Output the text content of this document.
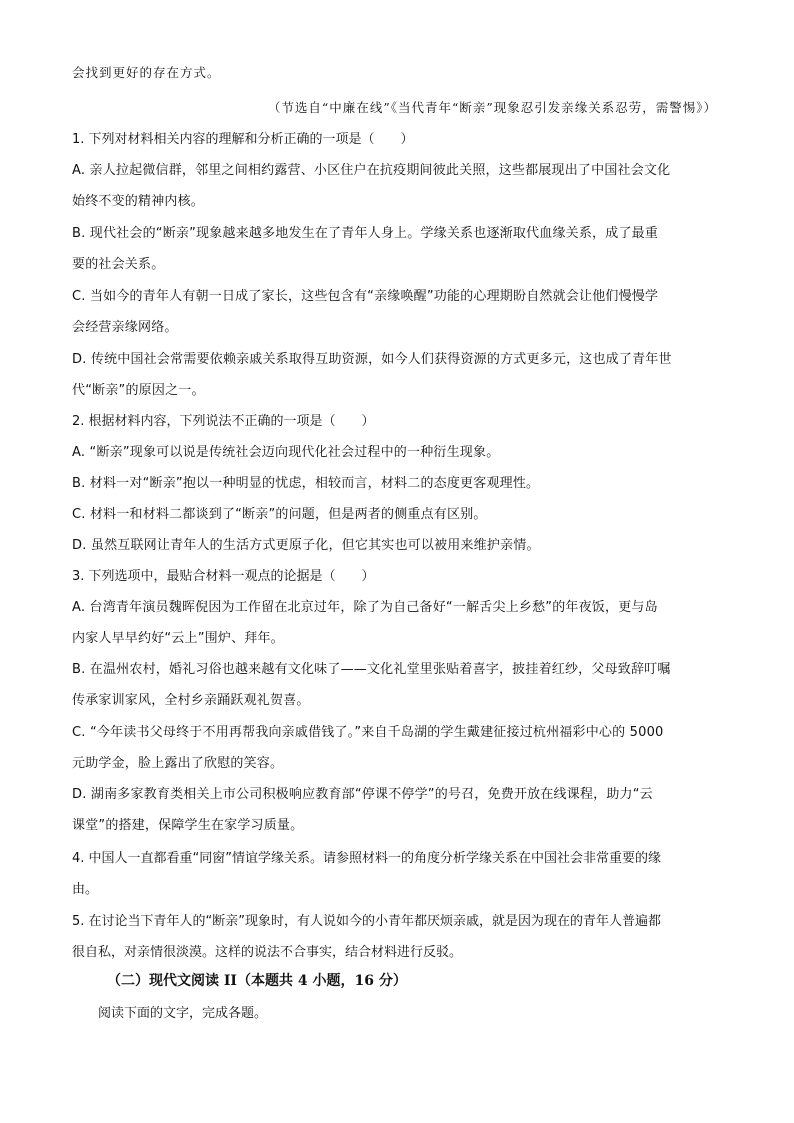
会找到更好的存在方式。
（节选自“中廉在线”《当代青年“断亲”现象忍引发亲缘关系忍劳，需警惕》）
1. 下列对材料相关内容的理解和分析正确的一项是（　　）
A. 亲人拉起微信群，邻里之间相约露营、小区住户在抗疫期间彼此关照，这些都展现出了中国社会文化
始终不变的精神内核。
B. 现代社会的“断亲”现象越来越多地发生在了青年人身上。学缘关系也逐渐取代血缘关系，成了最重
要的社会关系。
C. 当如今的青年人有朝一日成了家长，这些包含有“亲缘唤醒”功能的心理期盼自然就会让他们慢慢学
会经营亲缘网络。
D. 传统中国社会常需要依赖亲戚关系取得互助资源，如今人们获得资源的方式更多元，这也成了青年世
代“断亲”的原因之一。
2. 根据材料内容，下列说法不正确的一项是（　　）
A. “断亲”现象可以说是传统社会迈向现代化社会过程中的一种衍生现象。
B. 材料一对“断亲”抱以一种明显的忧虑，相较而言，材料二的态度更客观理性。
C. 材料一和材料二都谈到了“断亲”的问题，但是两者的侧重点有区别。
D. 虽然互联网让青年人的生活方式更原子化，但它其实也可以被用来维护亲情。
3. 下列选项中，最贴合材料一观点的论据是（　　）
A. 台湾青年演员魏晖倪因为工作留在北京过年，除了为自己备好“一解舌尖上乡愁”的年夜饭，更与岛
内家人早早约好“云上”围炉、拜年。
B. 在温州农村，婚礼习俗也越来越有文化味了——文化礼堂里张贴着喜字，披挂着红纱，父母致辞叮嘱
传承家训家风，全村乡亲踊跃观礼贺喜。
C. “今年读书父母终于不用再帮我向亲戚借钱了。”来自千岛湖的学生戴建征接过杭州福彩中心的 5000
元助学金，脸上露出了欣慰的笑容。
D. 湖南多家教育类相关上市公司积极响应教育部“停课不停学”的号召，免费开放在线课程，助力“云
课堂”的搭建，保障学生在家学习质量。
4. 中国人一直都看重“同窗”情谊学缘关系。请参照材料一的角度分析学缘关系在中国社会非常重要的缘
由。
5. 在讨论当下青年人的“断亲”现象时，有人说如今的小青年都厌烦亲戚，就是因为现在的青年人普遍都
很自私，对亲情很淡漠。这样的说法不合事实，结合材料进行反驳。
（二）现代文阅读 II（本题共 4 小题，16 分）
阅读下面的文字，完成各题。
